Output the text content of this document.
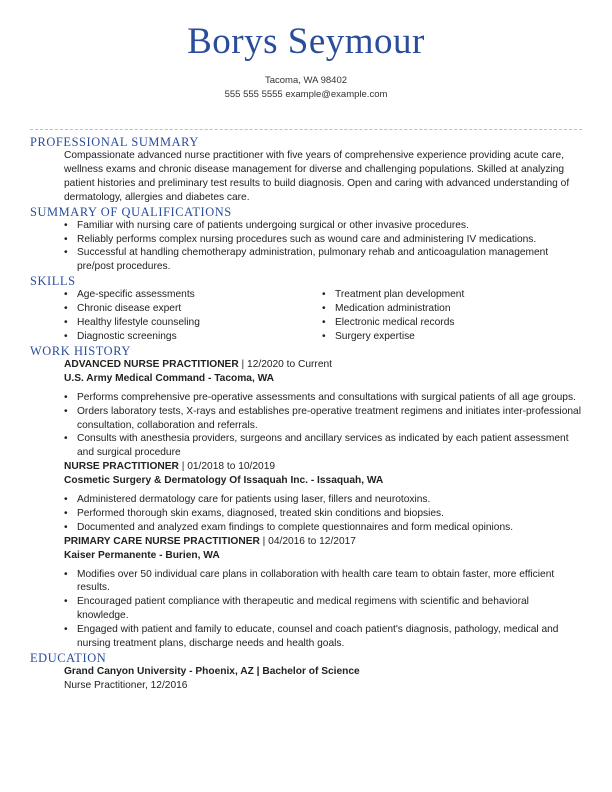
Borys Seymour
Tacoma, WA 98402
555 555 5555 example@example.com
PROFESSIONAL SUMMARY
Compassionate advanced nurse practitioner with five years of comprehensive experience providing acute care, wellness exams and chronic disease management for diverse and challenging populations. Skilled at analyzing patient histories and preliminary test results to build diagnosis. Open and caring with advanced understanding of dermatology, allergies and diabetes care.
SUMMARY OF QUALIFICATIONS
• Familiar with nursing care of patients undergoing surgical or other invasive procedures.
• Reliably performs complex nursing procedures such as wound care and administering IV medications.
• Successful at handling chemotherapy administration, pulmonary rehab and anticoagulation management pre/post procedures.
SKILLS
• Age-specific assessments
• Chronic disease expert
• Healthy lifestyle counseling
• Diagnostic screenings
• Treatment plan development
• Medication administration
• Electronic medical records
• Surgery expertise
WORK HISTORY
ADVANCED NURSE PRACTITIONER | 12/2020 to Current
U.S. Army Medical Command - Tacoma, WA
• Performs comprehensive pre-operative assessments and consultations with surgical patients of all age groups.
• Orders laboratory tests, X-rays and establishes pre-operative treatment regimens and initiates inter-professional consultation, collaboration and referrals.
• Consults with anesthesia providers, surgeons and ancillary services as indicated by each patient assessment and surgical procedure
NURSE PRACTITIONER | 01/2018 to 10/2019
Cosmetic Surgery & Dermatology Of Issaquah Inc. - Issaquah, WA
• Administered dermatology care for patients using laser, fillers and neurotoxins.
• Performed thorough skin exams, diagnosed, treated skin conditions and biopsies.
• Documented and analyzed exam findings to complete questionnaires and form medical opinions.
PRIMARY CARE NURSE PRACTITIONER | 04/2016 to 12/2017
Kaiser Permanente - Burien, WA
• Modifies over 50 individual care plans in collaboration with health care team to obtain faster, more efficient results.
• Encouraged patient compliance with therapeutic and medical regimens with scientific and behavioral knowledge.
• Engaged with patient and family to educate, counsel and coach patient's diagnosis, pathology, medical and nursing treatment plans, discharge needs and health goals.
EDUCATION
Grand Canyon University - Phoenix, AZ | Bachelor of Science
Nurse Practitioner, 12/2016
